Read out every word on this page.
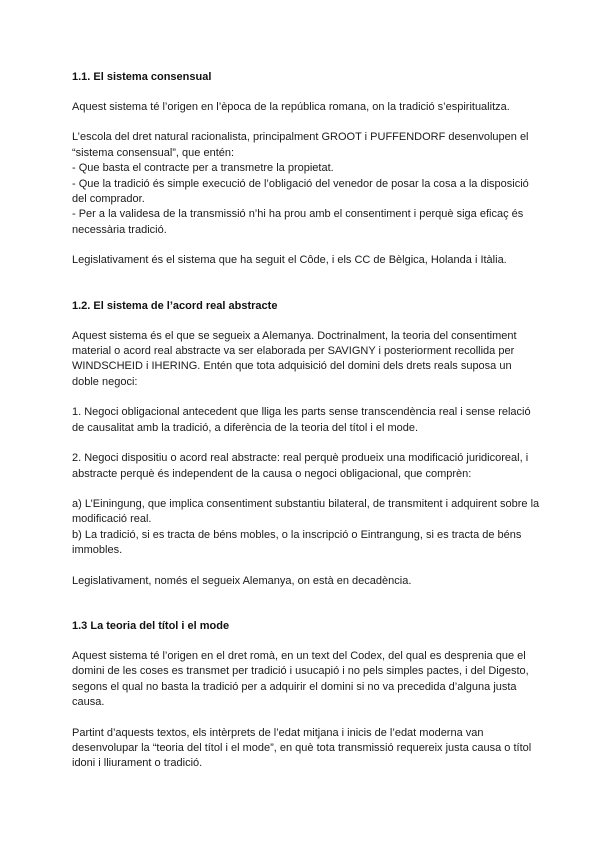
1.1. El sistema consensual

Aquest sistema té l’origen en l’època de la república romana, on la tradició s’espiritualitza.

L’escola del dret natural racionalista, principalment GROOT i PUFFENDORF desenvolupen el “sistema consensual”, que entén:

- Que basta el contracte per a transmetre la propietat.

- Que la tradició és simple execució de l’obligació del venedor de posar la cosa a la disposició del comprador.

- Per a la validesa de la transmissió n’hi ha prou amb el consentiment i perquè siga eficaç és necessària tradició.

Legislativament és el sistema que ha seguit el Côde, i els CC de Bèlgica, Holanda i Itàlia.

1.2. El sistema de l’acord real abstracte

Aquest sistema és el que se segueix a Alemanya. Doctrinalment, la teoria del consentiment material o acord real abstracte va ser elaborada per SAVIGNY i posteriorment recollida per WINDSCHEID i IHERING. Entén que tota adquisició del domini dels drets reals suposa un doble negoci:

1. Negoci obligacional antecedent que lliga les parts sense transcendència real i sense relació de causalitat amb la tradició, a diferència de la teoria del títol i el mode.

2. Negoci dispositiu o acord real abstracte: real perquè produeix una modificació juridicoreal, i abstracte perquè és independent de la causa o negoci obligacional, que comprèn:

a) L’Einingung, que implica consentiment substantiu bilateral, de transmitent i adquirent sobre la modificació real.

b) La tradició, si es tracta de béns mobles, o la inscripció o Eintrangung, si es tracta de béns immobles.

Legislativament, només el segueix Alemanya, on està en decadència.

1.3 La teoria del títol i el mode

Aquest sistema té l’origen en el dret romà, en un text del Codex, del qual es desprenia que el domini de les coses es transmet per tradició i usucapió i no pels simples pactes, i del Digesto, segons el qual no basta la tradició per a adquirir el domini si no va precedida d’alguna justa causa.

Partint d’aquests textos, els intèrprets de l’edat mitjana i inicis de l’edat moderna van desenvolupar la “teoria del títol i el mode”, en què tota transmissió requereix justa causa o títol idoni i lliurament o tradició.
